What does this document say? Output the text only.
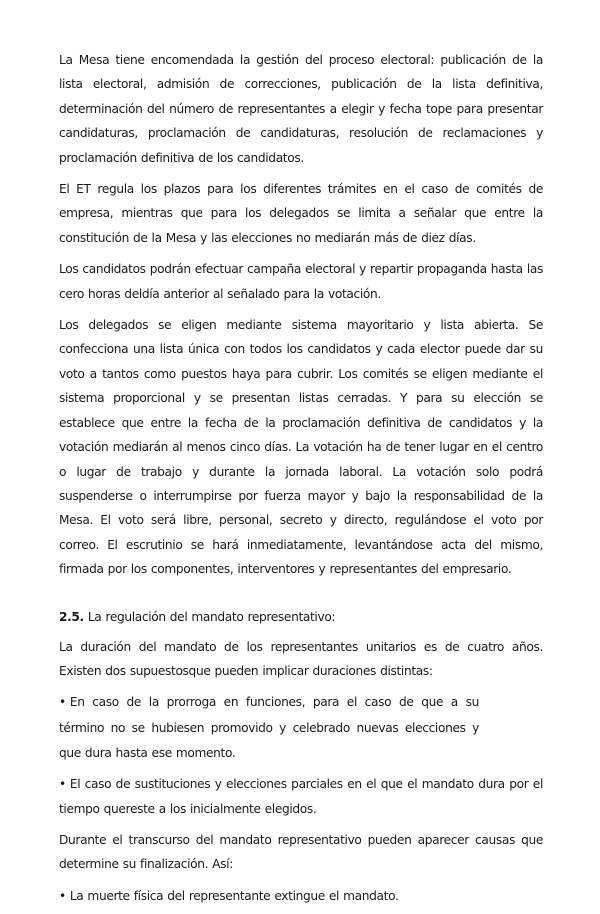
La Mesa tiene encomendada la gestión del proceso electoral: publicación de la lista electoral, admisión de correcciones, publicación de la lista definitiva, determinación del número de representantes a elegir y fecha tope para presentar candidaturas, proclamación de candidaturas, resolución de reclamaciones y proclamación definitiva de los candidatos.

El ET regula los plazos para los diferentes trámites en el caso de comités de empresa, mientras que para los delegados se limita a señalar que entre la constitución de la Mesa y las elecciones no mediarán más de diez días.

Los candidatos podrán efectuar campaña electoral y repartir propaganda hasta las cero horas deldía anterior al señalado para la votación.

Los delegados se eligen mediante sistema mayoritario y lista abierta. Se confecciona una lista única con todos los candidatos y cada elector puede dar su voto a tantos como puestos haya para cubrir. Los comités se eligen mediante el sistema proporcional y se presentan listas cerradas. Y para su elección se establece que entre la fecha de la proclamación definitiva de candidatos y la votación mediarán al menos cinco días. La votación ha de tener lugar en el centro o lugar de trabajo y durante la jornada laboral. La votación solo podrá suspenderse o interrumpirse por fuerza mayor y bajo la responsabilidad de la Mesa. El voto será libre, personal, secreto y directo, regulándose el voto por correo. El escrutinio se hará inmediatamente, levantándose acta del mismo, firmada por los componentes, interventores y representantes del empresario.

2.5. La regulación del mandato representativo:

La duración del mandato de los representantes unitarios es de cuatro años. Existen dos supuestosque pueden implicar duraciones distintas:

• En caso de la prorroga en funciones, para el caso de que a su término no se hubiesen promovido y celebrado nuevas elecciones y que dura hasta ese momento.

• El caso de sustituciones y elecciones parciales en el que el mandato dura por el tiempo quereste a los inicialmente elegidos.

Durante el transcurso del mandato representativo pueden aparecer causas que determine su finalización. Así:

• La muerte física del representante extingue el mandato.
